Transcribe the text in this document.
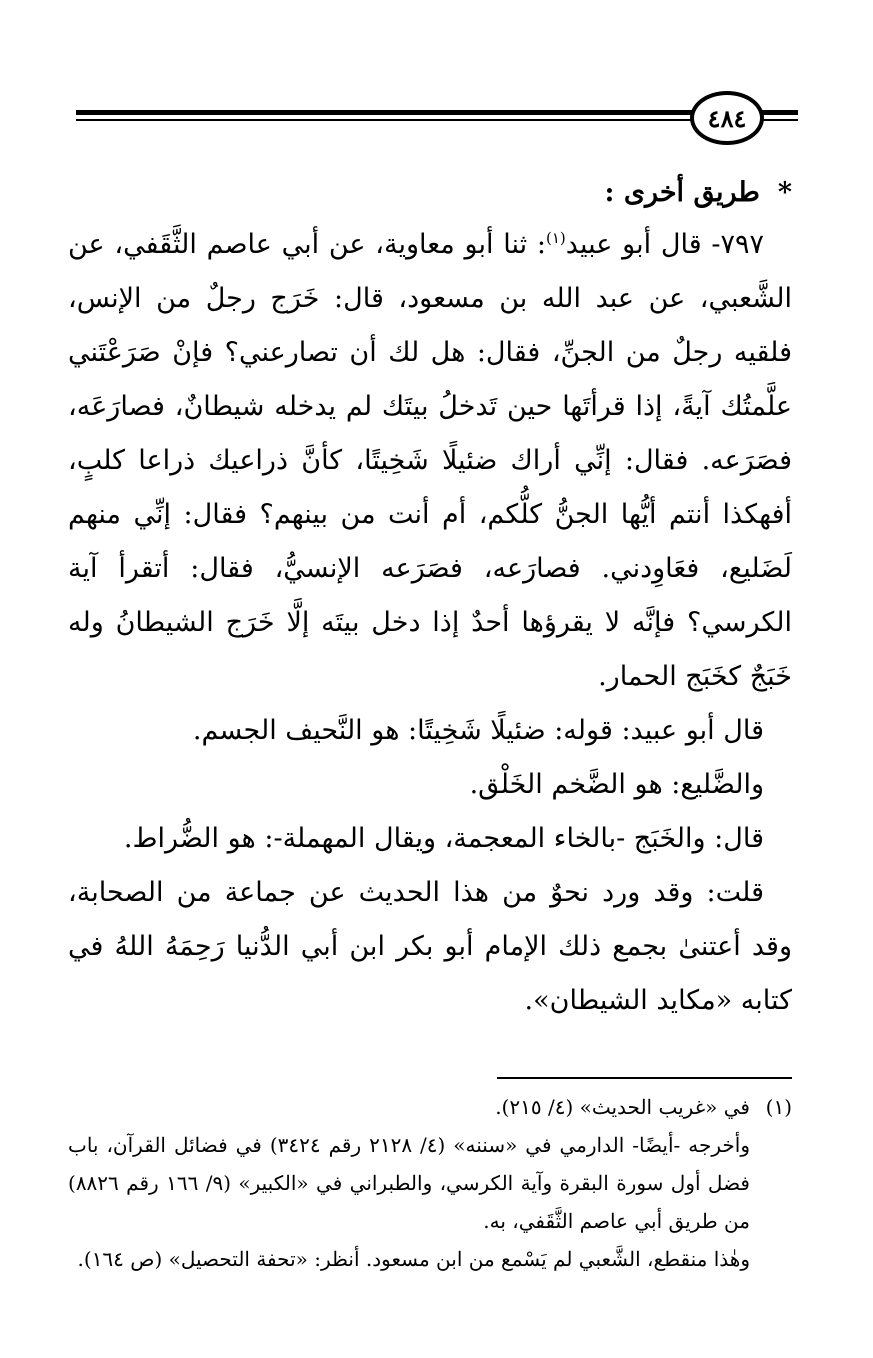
٤٨٤

*طريق أخرى :

٧٩٧- قال أبو عبيد$^{(١)}$: ثنا أبو معاوية، عن أبي عاصم الثَّقَفي، عن الشَّعبي، عن عبد الله بن مسعود، قال: خَرَج رجلٌ من الإنس، فلقيه رجلٌ من الجنِّ، فقال: هل لك أن تصارعني؟ فإنْ صَرَعْتَني علَّمتُك آيةً، إذا قرأتَها حين تَدخلُ بيتَك لم يدخله شيطانٌ، فصارَعَه، فصَرَعه. فقال: إنِّي أراك ضئيلًا شَخِيتًا، كأنَّ ذراعيك ذراعا كلبٍ، أفهكذا أنتم أيُّها الجنُّ كلُّكم، أم أنت من بينهم؟ فقال: إنِّي منهم لَضَليع، فعَاوِدني. فصارَعه، فصَرَعه الإنسيُّ، فقال: أتقرأ آية الكرسي؟ فإنَّه لا يقرؤها أحدٌ إذا دخل بيتَه إلَّا خَرَج الشيطانُ وله خَبَجٌ كخَبَج الحمار.

قال أبو عبيد: قوله: ضئيلًا شَخِيتًا: هو النَّحيف الجسم.

والضَّليع: هو الضَّخم الخَلْق.

قال: والخَبَج -بالخاء المعجمة، ويقال المهملة-: هو الضُّراط.

قلت: وقد ورد نحوٌ من هذا الحديث عن جماعة من الصحابة، وقد أعتنىٰ بجمع ذلك الإمام أبو بكر ابن أبي الدُّنيا رَحِمَهُ اللهُ في كتابه «مكايد الشيطان».

(١)في «غريب الحديث» (٤/ ٢١٥).

وأخرجه -أيضًا- الدارمي في «سننه» (٤/ ٢١٢٨ رقم ٣٤٢٤) في فضائل القرآن، باب فضل أول سورة البقرة وآية الكرسي، والطبراني في «الكبير» (٩/ ١٦٦ رقم ٨٨٢٦) من طريق أبي عاصم الثَّقَفي، به.

وهٰذا منقطع، الشَّعبي لم يَسْمع من ابن مسعود. أنظر: «تحفة التحصيل» (ص ١٦٤).
